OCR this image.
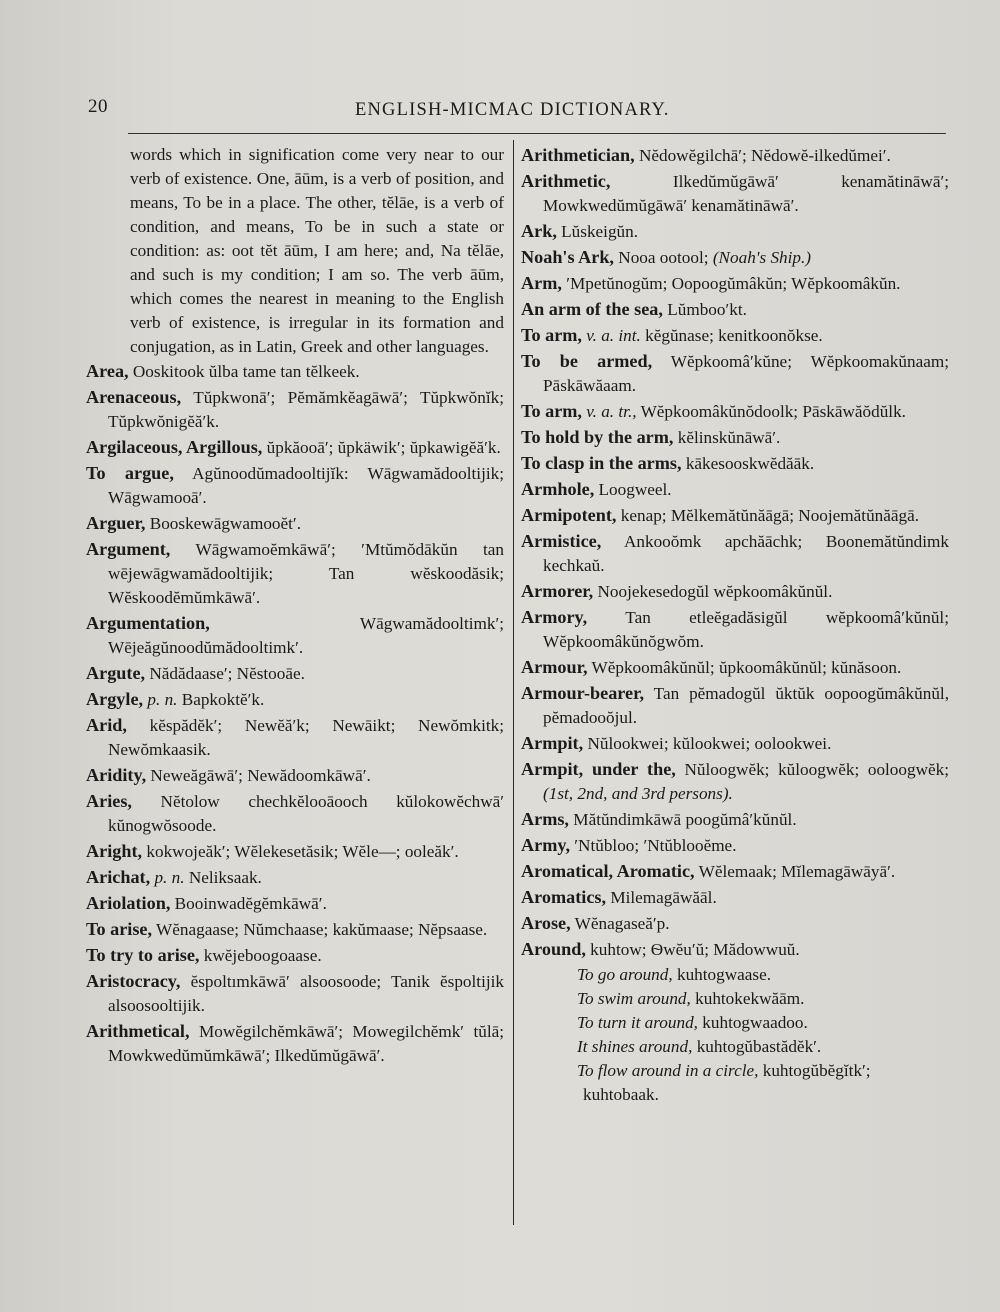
20	ENGLISH-MICMAC DICTIONARY.
words which in signification come very near to our verb of existence. One, āūm, is a verb of position, and means, To be in a place. The other, tĕlāe, is a verb of condition, and means, To be in such a state or condition: as: oot tĕt āūm, I am here; and, Na tĕlāe, and such is my condition; I am so. The verb āūm, which comes the nearest in meaning to the English verb of existence, is irregular in its formation and conjugation, as in Latin, Greek and other languages.
Area, Ooskitook ŭlba tame tan tĕlkeek.
Arenaceous, Tŭpkwonā′; Pĕmămkĕagāwā′; Tŭpkwŏnĭk; Tŭpkwŏnigĕă′k.
Argilaceous, Argillous, ŭpkăooā′; ŭpkäwik′; ŭpkawigĕă′k.
To argue, Agŭnoodŭmadooltijĭk: Wāgwamădooltijik; Wāgwamooā′.
Arguer, Booskewāgwamooĕt′.
Argument, Wāgwamoĕmkāwā′; ′Mtŭmŏdākŭn tan wējewāgwamădooltijik; Tan wĕskoodăsik; Wĕskoodĕmŭmkāwā′.
Argumentation,	Wāgwamădooltimk′; Wējeăgŭnoodŭmădooltimk′.
Argute, Nădădaase′; Nĕstooāe.
Argyle, p. n. Bapkoktĕ′k.
Arid, kĕspădĕk′; Newĕă′k; Newāikt; Newŏmkitk; Newŏmkaasik.
Aridity, Neweăgāwā′; Newădoomkāwā′.
Aries, Nĕtolow chechkĕlooāooch kŭlokowĕchwā′ kŭnogwŏsoode.
Aright, kokwojeăk′; Wĕlekesetăsik; Wĕle—; ooleăk′.
Arichat, p. n. Neliksaak.
Ariolation, Booinwadĕgĕmkāwā′.
To arise, Wĕnagaase; Nŭmchaase; kakŭmaase; Nĕpsaase.
To try to arise, kwĕjeboogoaase.
Aristocracy, ĕspoltımkāwā′ alsoosoode; Tanik ĕspoltijik alsoosooltijik.
Arithmetical, Mowĕgilchĕmkāwā′; Mowegilchĕmk′ tŭlā; Mowkwedŭmŭmkāwā′; Ilkedŭmŭgāwā′.
Arithmetician, Nĕdowĕgilchā′; Nĕdowĕ-ilkedŭmei′.
Arithmetic,	Ilkedŭmŭgāwā′ kenamătināwā′; Mowkwedŭmŭgāwā′ kenamătināwā′.
Ark, Lŭskeigŭn.
Noah's Ark, Nooa ootool; (Noah's Ship.)
Arm, ′Mpetŭnogŭm; Oopoogŭmâkŭn; Wĕpkoomâkŭn.
An arm of the sea, Lŭmboo′kt.
To arm, v. a. int. kĕgŭnase; kenitkoonŏkse.
To be armed, Wĕpkoomâ′kŭne; Wĕpkoomakŭnaam; Pāskāwăaam.
To arm, v. a. tr., Wĕpkoomâkŭnŏdoolk; Pāskāwăŏdŭlk.
To hold by the arm, kĕlinskŭnāwā′.
To clasp in the arms, kākesooskwĕdăāk.
Armhole, Loogweel.
Armipotent, kenap; Mĕlkemătŭnăāgā; Noojemătŭnăāgā.
Armistice, Ankooŏmk apchăāchk; Boonemătŭndimk kechkaŭ.
Armorer, Noojekesedogŭl wĕpkoomâkŭnŭl.
Armory, Tan etleĕgadăsigŭl wĕpkoomâ′kŭnŭl; Wĕpkoomâkŭnŏgwŏm.
Armour, Wĕpkoomâkŭnŭl; ŭpkoomâkŭnŭl; kŭnăsoon.
Armour-bearer, Tan pĕmadogŭl ŭktŭk oopoogŭmâkŭnŭl, pĕmadooŏjul.
Armpit, Nŭlookwei; kŭlookwei; oolookwei.
Armpit, under the, Nŭloogwĕk; kŭloogwĕk; ooloogwĕk; (1st, 2nd, and 3rd persons).
Arms, Mătŭndimkāwā poogŭmâ′kŭnŭl.
Army, ′Ntŭbloo; ′Ntŭblooĕme.
Aromatical, Aromatic, Wĕlemaak; Mĭlemagāwāyā′.
Aromatics, Milemagāwăāl.
Arose, Wĕnagaseă′p.
Around, kuhtow; Ѳwĕu′ŭ; Mădowwuŭ.
To go around, kuhtogwaase.
To swim around, kuhtokekwăām.
To turn it around, kuhtogwaadoo.
It shines around, kuhtogŭbastădĕk′.
To flow around in a circle, kuhtogŭbĕgĭtk′; kuhtobaak.
